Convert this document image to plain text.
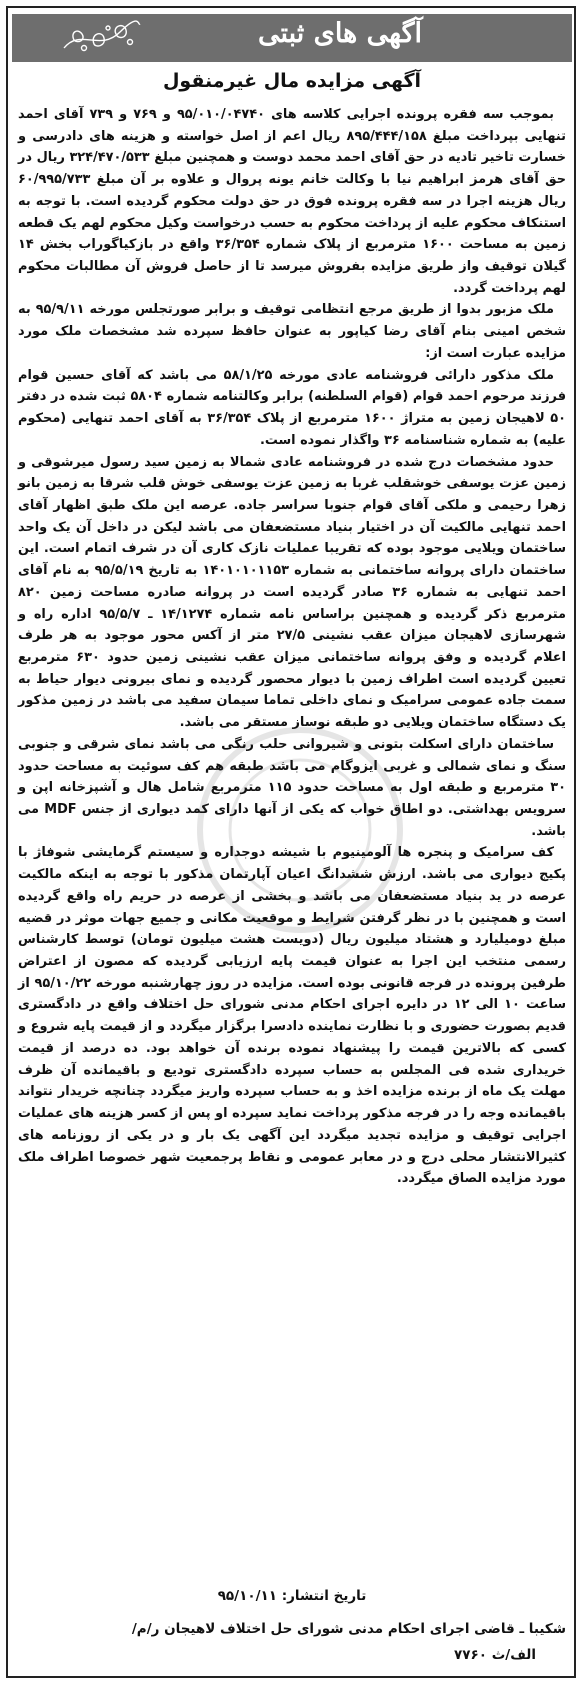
آگهی های ثبتی
آگهی مزایده مال غیرمنقول

بموجب سه فقره پرونده اجرایی کلاسه های ۹۵/۰۱۰/۰۴۷۴۰ و ۷۶۹ و ۷۳۹ آقای احمد تنهایی بپرداخت مبلغ ۸۹۵/۴۴۴/۱۵۸ ریال اعم از اصل خواسته و هزینه های دادرسی و خسارت تاخیر تادیه در حق آقای احمد محمد دوست و همچنین مبلغ ۳۲۴/۴۷۰/۵۳۳ ریال در حق آقای هرمز ابراهیم نیا با وکالت خانم یونه پروال و علاوه بر آن مبلغ ۶۰/۹۹۵/۷۳۳ ریال هزینه اجرا در سه فقره پرونده فوق در حق دولت محکوم گردیده است. با توجه به استنکاف محکوم علیه از پرداخت محکوم به حسب درخواست وکیل محکوم لهم یک قطعه زمین به مساحت ۱۶۰۰ مترمربع از پلاک شماره ۳۶/۳۵۴ واقع در بازکیاگوراب بخش ۱۴ گیلان توقیف واز طریق مزایده بفروش میرسد تا از حاصل فروش آن مطالبات محکوم لهم پرداخت گردد.

ملک مزبور بدوا از طریق مرجع انتظامی توقیف و برابر صورتجلس مورخه ۹۵/۹/۱۱ به شخص امینی بنام آقای رضا کیاپور به عنوان حافظ سپرده شد مشخصات ملک مورد مزایده عبارت است از:

ملک مذکور دارائی فروشنامه عادی مورخه ۵۸/۱/۲۵ می باشد که آقای حسین قوام فرزند مرحوم احمد قوام (قوام السلطنه) برابر وکالتنامه شماره ۵۸۰۴ ثبت شده در دفتر ۵۰ لاهیجان زمین به متراژ ۱۶۰۰ مترمربع از پلاک ۳۶/۳۵۴ به آقای احمد تنهایی (محکوم علیه) به شماره شناسنامه ۳۶ واگذار نموده است.

حدود مشخصات درج شده در فروشنامه عادی شمالا به زمین سید رسول میرشوقی و زمین عزت یوسفی خوشقلب غربا به زمین عزت یوسفی خوش قلب شرقا به زمین بانو زهرا رحیمی و ملکی آقای قوام جنوبا سراسر جاده. عرصه این ملک طبق اظهار آقای احمد تنهایی مالکیت آن در اختیار بنیاد مستضعفان می باشد لیکن در داخل آن یک واحد ساختمان ویلایی موجود بوده که تقریبا عملیات نازک کاری آن در شرف اتمام است. این ساختمان دارای پروانه ساختمانی به شماره ۱۴۰۱۰۱۰۱۱۵۳ به تاریخ ۹۵/۵/۱۹ به نام آقای احمد تنهایی به شماره ۳۶ صادر گردیده است در پروانه صادره مساحت زمین ۸۲۰ مترمربع ذکر گردیده و همچنین براساس نامه شماره ۱۴/۱۲۷۴ ـ ۹۵/۵/۷ اداره راه و شهرسازی لاهیجان میزان عقب نشینی ۲۷/۵ متر از آکس محور موجود به هر طرف اعلام گردیده و وفق پروانه ساختمانی میزان عقب نشینی زمین حدود ۶۳۰ مترمربع تعیین گردیده است اطراف زمین با دیوار محصور گردیده و نمای بیرونی دیوار حیاط به سمت جاده عمومی سرامیک و نمای داخلی تماما سیمان سفید می باشد در زمین مذکور یک دستگاه ساختمان ویلایی دو طبقه نوساز مستقر می باشد.

ساختمان دارای اسکلت بتونی و شیروانی حلب رنگی می باشد نمای شرقی و جنوبی سنگ و نمای شمالی و غربی ایزوگام می باشد طبقه هم کف سوئیت به مساحت حدود ۳۰ مترمربع و طبقه اول به مساحت حدود ۱۱۵ مترمربع شامل هال و آشپزخانه اپن و سرویس بهداشتی. دو اطاق خواب که یکی از آنها دارای کمد دیواری از جنس MDF می باشد.

کف سرامیک و پنجره ها آلومینیوم با شیشه دوجداره و سیستم گرمایشی شوفاژ با پکیج دیواری می باشد. ارزش ششدانگ اعیان آپارتمان مذکور با توجه به اینکه مالکیت عرصه در ید بنیاد مستضعفان می باشد و بخشی از عرصه در حریم راه واقع گردیده است و همچنین با در نظر گرفتن شرایط و موقعیت مکانی و جمیع جهات موثر در قضیه مبلغ دومیلیارد و هشتاد میلیون ریال (دویست هشت میلیون تومان) توسط کارشناس رسمی منتخب این اجرا به عنوان قیمت پایه ارزیابی گردیده که مصون از اعتراض طرفین پرونده در فرجه قانونی بوده است. مزایده در روز چهارشنبه مورخه ۹۵/۱۰/۲۲ از ساعت ۱۰ الی ۱۲ در دایره اجرای احکام مدنی شورای حل اختلاف واقع در دادگستری قدیم بصورت حضوری و با نظارت نماینده دادسرا برگزار میگردد و از قیمت پایه شروع و کسی که بالاترین قیمت را پیشنهاد نموده برنده آن خواهد بود. ده درصد از قیمت خریداری شده فی المجلس به حساب سپرده دادگستری تودیع و باقیمانده آن ظرف مهلت یک ماه از برنده مزایده اخذ و به حساب سپرده واریز میگردد چنانچه خریدار نتواند باقیمانده وجه را در فرجه مذکور پرداخت نماید سپرده او پس از کسر هزینه های عملیات اجرایی توقیف و مزایده تجدید میگردد این آگهی یک بار و در یکی از روزنامه های کثیرالانتشار محلی درج و در معابر عمومی و نقاط پرجمعیت شهر خصوصا اطراف ملک مورد مزایده الصاق میگردد.

تاریخ انتشار: ۹۵/۱۰/۱۱
شکیبا ـ قاضی اجرای احکام مدنی شورای حل اختلاف لاهیجان ر/م/
الف/ث ۷۷۶۰
